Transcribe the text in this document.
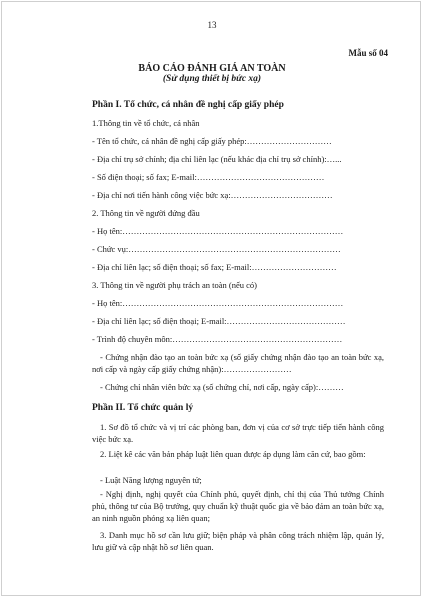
13
Mẫu số 04
BÁO CÁO ĐÁNH GIÁ AN TOÀN
(Sử dụng thiết bị bức xạ)
Phần I. Tổ chức, cá nhân đề nghị cấp giấy phép
1.Thông tin về tổ chức, cá nhân
- Tên tổ chức, cá nhân đề nghị cấp giấy phép:…………………………
- Địa chỉ trụ sở chính; địa chỉ liên lạc (nếu khác địa chỉ trụ sở chính):…...
- Số điện thoại; số fax; E-mail:………………………………………
- Địa chỉ nơi tiến hành công việc bức xạ:………………………………
2. Thông tin về người đứng đầu
- Họ tên:……………………………………………………………………
- Chức vụ:…………………………………………………………………
- Địa chỉ liên lạc; số điện thoại; số fax; E-mail:…………………………
3. Thông tin về người phụ trách an toàn (nếu có)
- Họ tên:……………………………………………………………………
- Địa chỉ liên lạc; số điện thoại; E-mail:……………………………………
- Trình độ chuyên môn:……………………………………………………
- Chứng nhận đào tạo an toàn bức xạ (số giấy chứng nhận đào tạo an toàn bức xạ, nơi cấp và ngày cấp giấy chứng nhận):……………………
- Chứng chỉ nhân viên bức xạ (số chứng chỉ, nơi cấp, ngày cấp):………
Phần II. Tổ chức quản lý
1. Sơ đồ tổ chức và vị trí các phòng ban, đơn vị của cơ sở trực tiếp tiến hành công việc bức xạ.
2. Liệt kê các văn bản pháp luật liên quan được áp dụng làm căn cứ, bao gồm:
- Luật Năng lượng nguyên tử;
- Nghị định, nghị quyết của Chính phủ, quyết định, chỉ thị của Thủ tướng Chính phủ, thông tư của Bộ trưởng, quy chuẩn kỹ thuật quốc gia về bảo đảm an toàn bức xạ, an ninh nguồn phóng xạ liên quan;
3. Danh mục hồ sơ cần lưu giữ; biện pháp và phân công trách nhiệm lập, quản lý, lưu giữ và cập nhật hồ sơ liên quan.
